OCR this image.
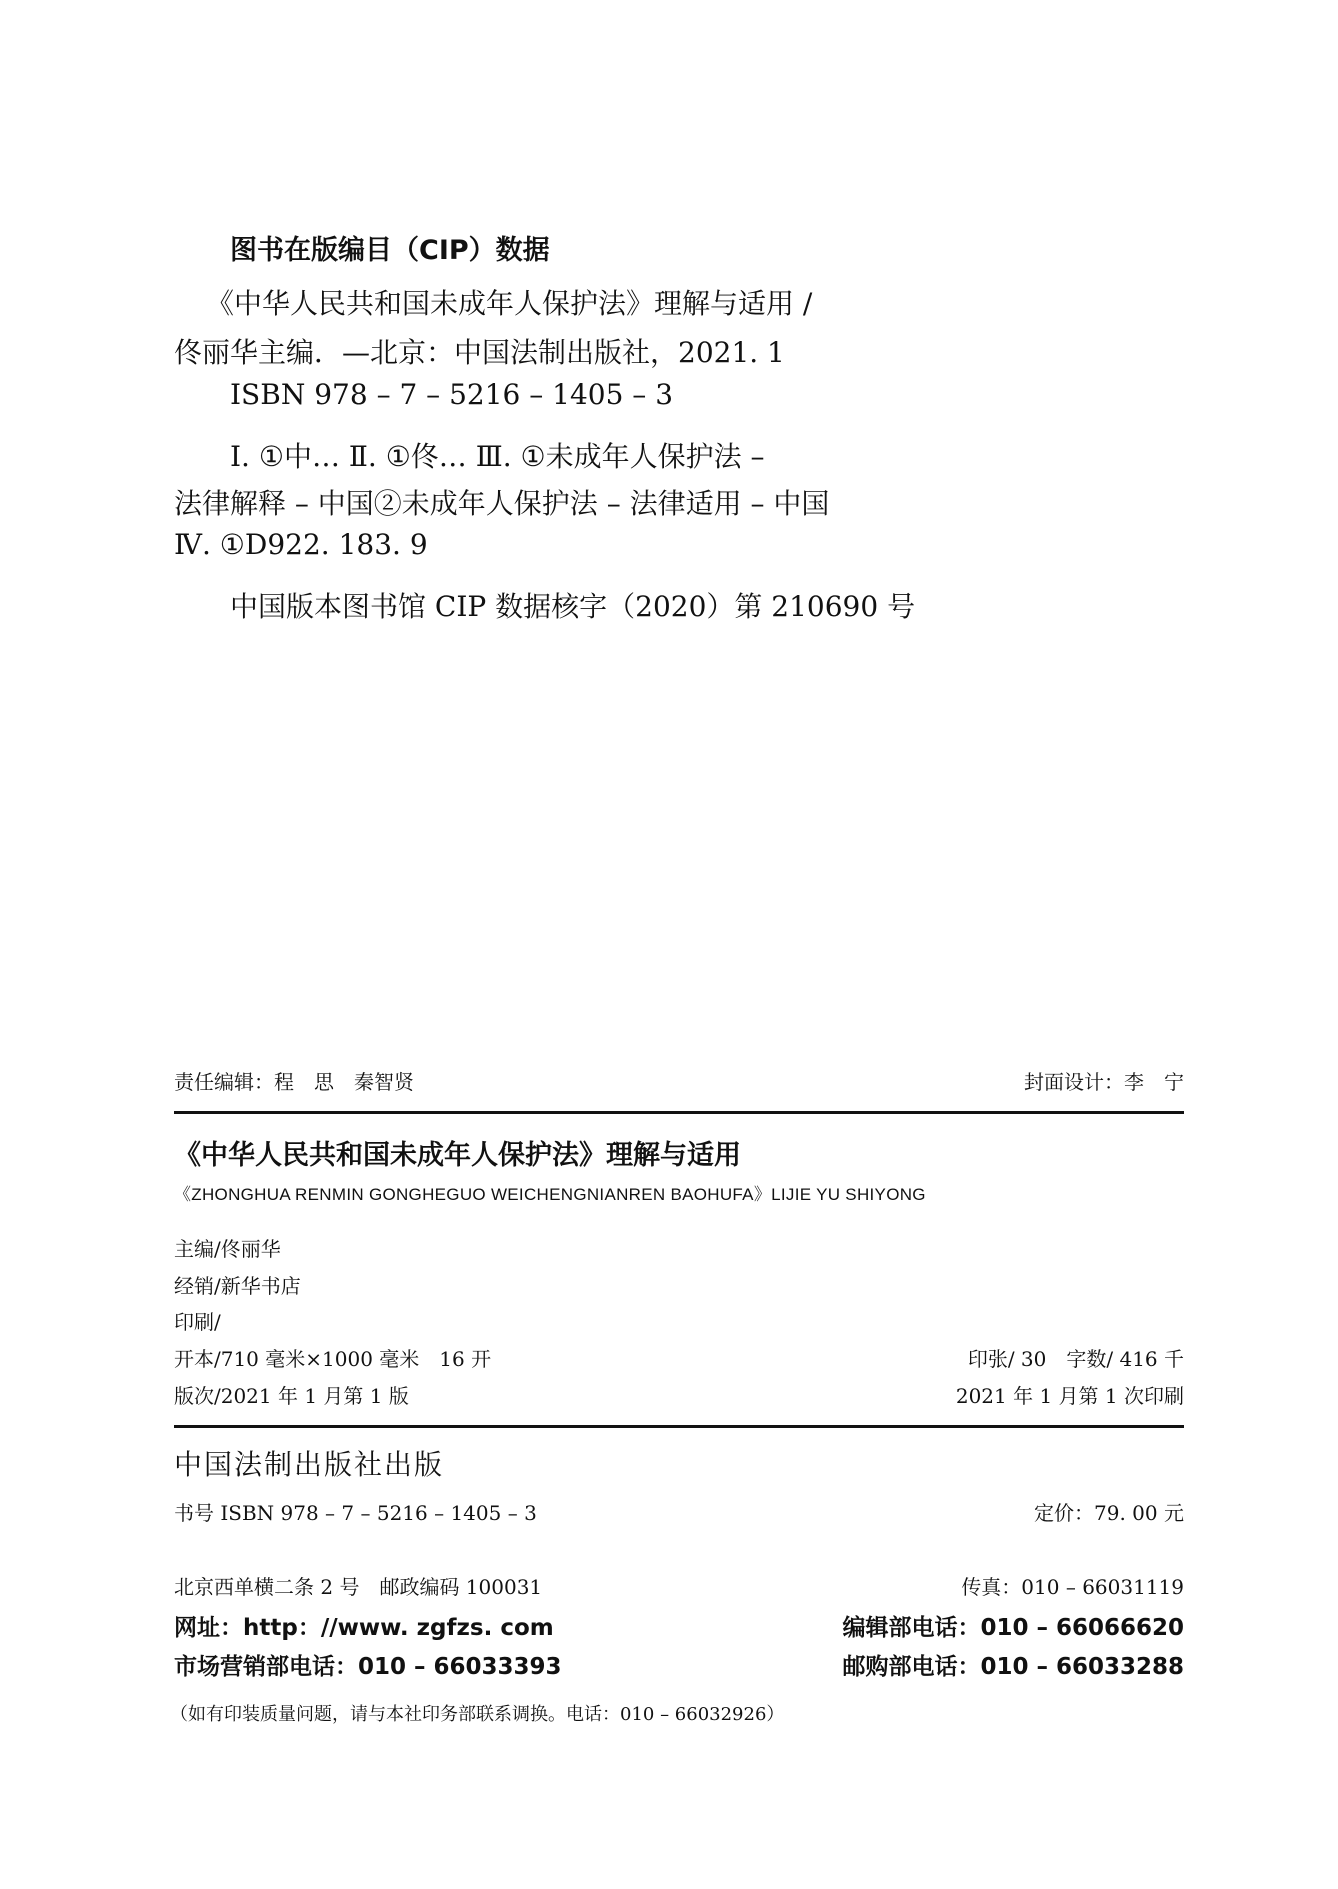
图书在版编目（CIP）数据
《中华人民共和国未成年人保护法》理解与适用 /
佟丽华主编．—北京：中国法制出版社，2021. 1
ISBN 978 – 7 – 5216 – 1405 – 3
Ⅰ. ①中… Ⅱ. ①佟… Ⅲ. ①未成年人保护法 –
法律解释 – 中国②未成年人保护法 – 法律适用 – 中国
Ⅳ. ①D922. 183. 9
中国版本图书馆 CIP 数据核字（2020）第 210690 号
责任编辑：程　思　秦智贤	封面设计：李　宁
《中华人民共和国未成年人保护法》理解与适用
《ZHONGHUA RENMIN GONGHEGUO WEICHENGNIANREN BAOHUFA》LIJIE YU SHIYONG
主编/佟丽华
经销/新华书店
印刷/
开本/710 毫米×1000 毫米　16 开	印张/ 30　字数/ 416 千
版次/2021 年 1 月第 1 版	2021 年 1 月第 1 次印刷
中国法制出版社出版
书号 ISBN 978 – 7 – 5216 – 1405 – 3	定价：79. 00 元
北京西单横二条 2 号　邮政编码 100031	传真：010 – 66031119
网址：http：//www. zgfzs. com	编辑部电话：010 – 66066620
市场营销部电话：010 – 66033393	邮购部电话：010 – 66033288
（如有印装质量问题，请与本社印务部联系调换。电话：010 – 66032926）
